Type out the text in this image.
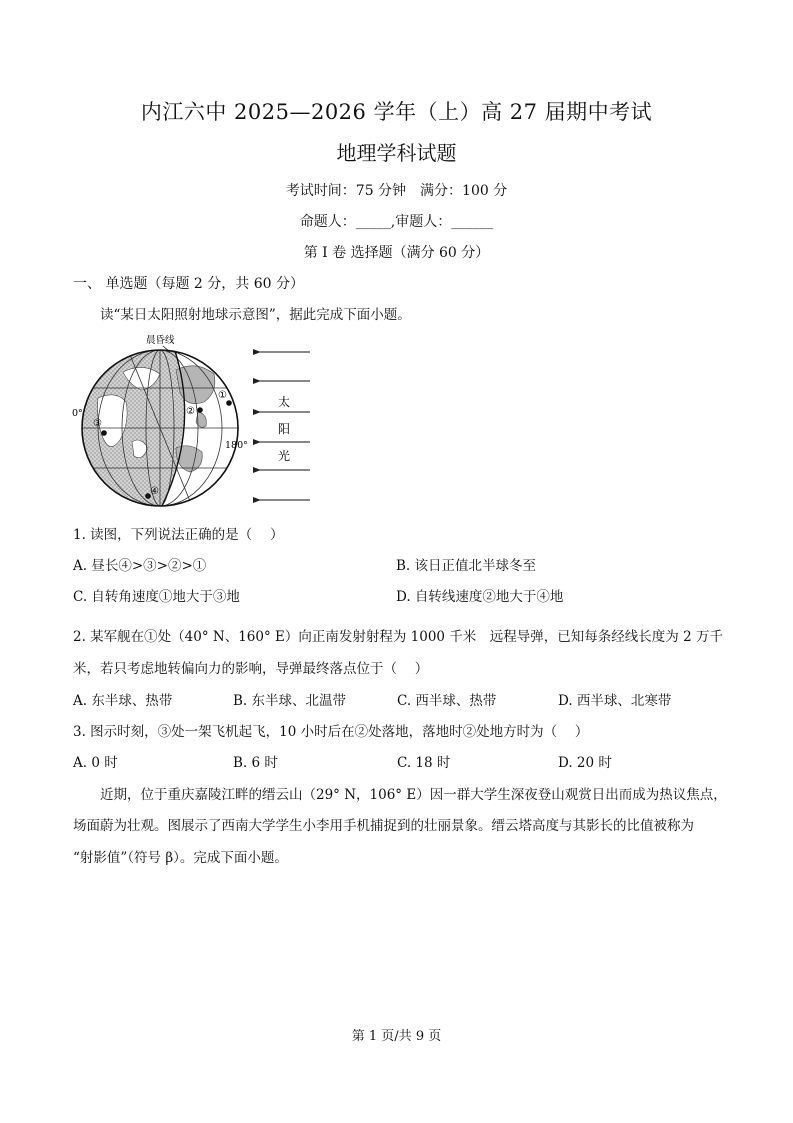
内江六中 2025—2026 学年（上）高 27 届期中考试
地理学科试题
考试时间：75 分钟　满分：100 分
命题人：_____,审题人：______
第 I 卷 选择题（满分 60 分）
一、 单选题（每题 2 分，共 60 分）
读“某日太阳照射地球示意图”，据此完成下面小题。
晨昏线
0°
180°
①
②
③
④
太
阳
光
1. 读图，下列说法正确的是（　 ）
A. 昼长④>③>②>①	B. 该日正值北半球冬至
C. 自转角速度①地大于③地	D. 自转线速度②地大于④地
2. 某军舰在①处（40° N、160° E）向正南发射射程为 1000 千米　远程导弹，已知每条经线长度为 2 万千
米，若只考虑地转偏向力的影响，导弹最终落点位于（　 ）
A. 东半球、热带	B. 东半球、北温带	C. 西半球、热带	D. 西半球、北寒带
3. 图示时刻，③处一架飞机起飞，10 小时后在②处落地，落地时②处地方时为（　 ）
A. 0 时	B. 6 时	C. 18 时	D. 20 时
近期，位于重庆嘉陵江畔的缙云山（29° N，106° E）因一群大学生深夜登山观赏日出而成为热议焦点，
场面蔚为壮观。图展示了西南大学学生小李用手机捕捉到的壮丽景象。缙云塔高度与其影长的比值被称为
“射影值”（符号 β）。完成下面小题。
第 1 页/共 9 页
